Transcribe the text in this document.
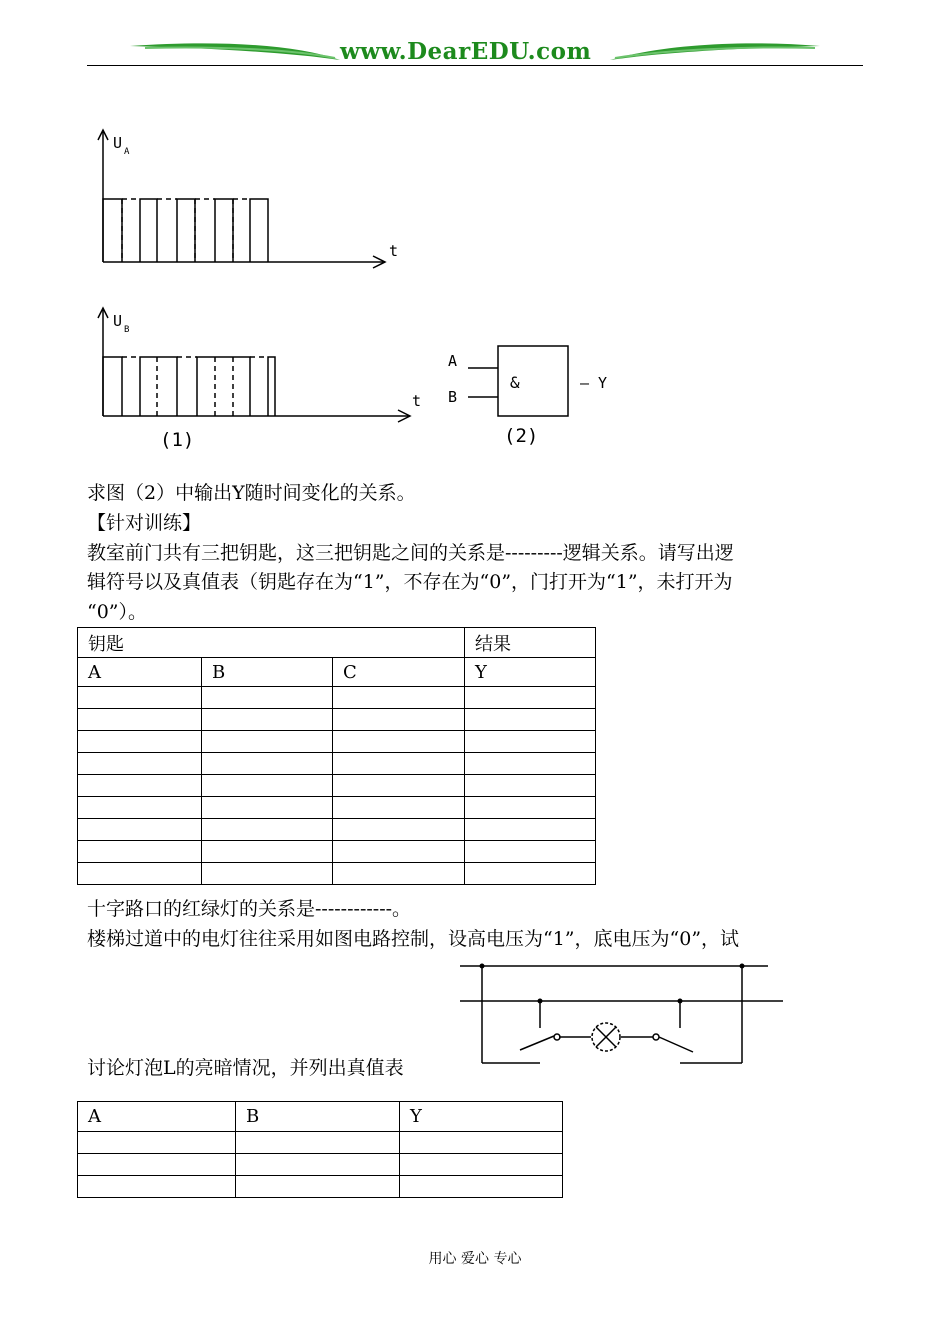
www.DearEDU.com
U A
t
U B
t
(1)	(2)
A
B
&	— Y
求图（2）中输出Y随时间变化的关系。
【针对训练】
教室前门共有三把钥匙，这三把钥匙之间的关系是---------逻辑关系。请写出逻
辑符号以及真值表（钥匙存在为“1”，不存在为“0”，门打开为“1”，未打开为
“0”）。
钥匙			结果
A	B	C	Y

十字路口的红绿灯的关系是------------。
楼梯过道中的电灯往往采用如图电路控制，设高电压为“1”，底电压为“0”，试
讨论灯泡L的亮暗情况，并列出真值表
A	B	Y

用心 爱心 专心
